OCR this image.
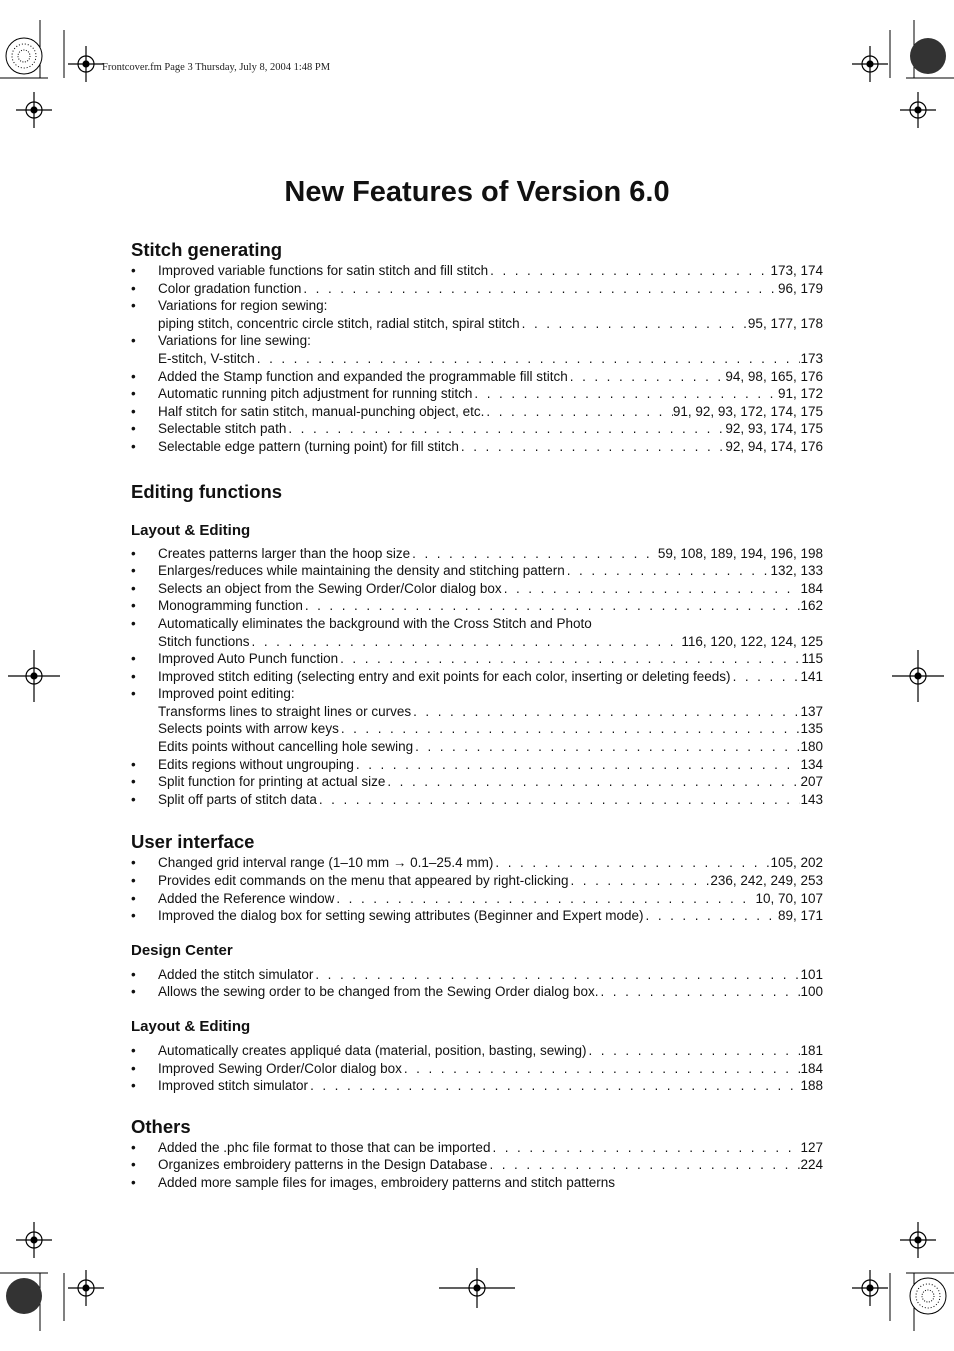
Frontcover.fm Page 3 Thursday, July 8, 2004 1:48 PM
New Features of Version 6.0
Stitch generating
• Improved variable functions for satin stitch and fill stitch . . .	173, 174
• Color gradation function . . .	96, 179
• Variations for region sewing:
piping stitch, concentric circle stitch, radial stitch, spiral stitch . . .	95, 177, 178
• Variations for line sewing:
E-stitch, V-stitch . . .	173
• Added the Stamp function and expanded the programmable fill stitch . . .	94, 98, 165, 176
• Automatic running pitch adjustment for running stitch . . .	91, 172
• Half stitch for satin stitch, manual-punching object, etc. . . .	91, 92, 93, 172, 174, 175
• Selectable stitch path . . .	92, 93, 174, 175
• Selectable edge pattern (turning point) for fill stitch . . .	92, 94, 174, 176
Editing functions
Layout & Editing
• Creates patterns larger than the hoop size . . .	59, 108, 189, 194, 196, 198
• Enlarges/reduces while maintaining the density and stitching pattern . . .	132, 133
• Selects an object from the Sewing Order/Color dialog box . . .	184
• Monogramming function . . .	162
• Automatically eliminates the background with the Cross Stitch and Photo
Stitch functions . . .	116, 120, 122, 124, 125
• Improved Auto Punch function . . .	115
• Improved stitch editing (selecting entry and exit points for each color, inserting or deleting feeds) . . .	141
• Improved point editing:
Transforms lines to straight lines or curves . . .	137
Selects points with arrow keys . . .	135
Edits points without cancelling hole sewing . . .	180
• Edits regions without ungrouping . . .	134
• Split function for printing at actual size . . .	207
• Split off parts of stitch data . . .	143
User interface
• Changed grid interval range (1–10 mm → 0.1–25.4 mm) . . .	105, 202
• Provides edit commands on the menu that appeared by right-clicking . . .	236, 242, 249, 253
• Added the Reference window . . .	10, 70, 107
• Improved the dialog box for setting sewing attributes (Beginner and Expert mode) . . .	89, 171
Design Center
• Added the stitch simulator . . .	101
• Allows the sewing order to be changed from the Sewing Order dialog box. . . .	100
Layout & Editing
• Automatically creates appliqué data (material, position, basting, sewing) . . .	181
• Improved Sewing Order/Color dialog box . . .	184
• Improved stitch simulator . . .	188
Others
• Added the .phc file format to those that can be imported . . .	127
• Organizes embroidery patterns in the Design Database . . .	224
• Added more sample files for images, embroidery patterns and stitch patterns
